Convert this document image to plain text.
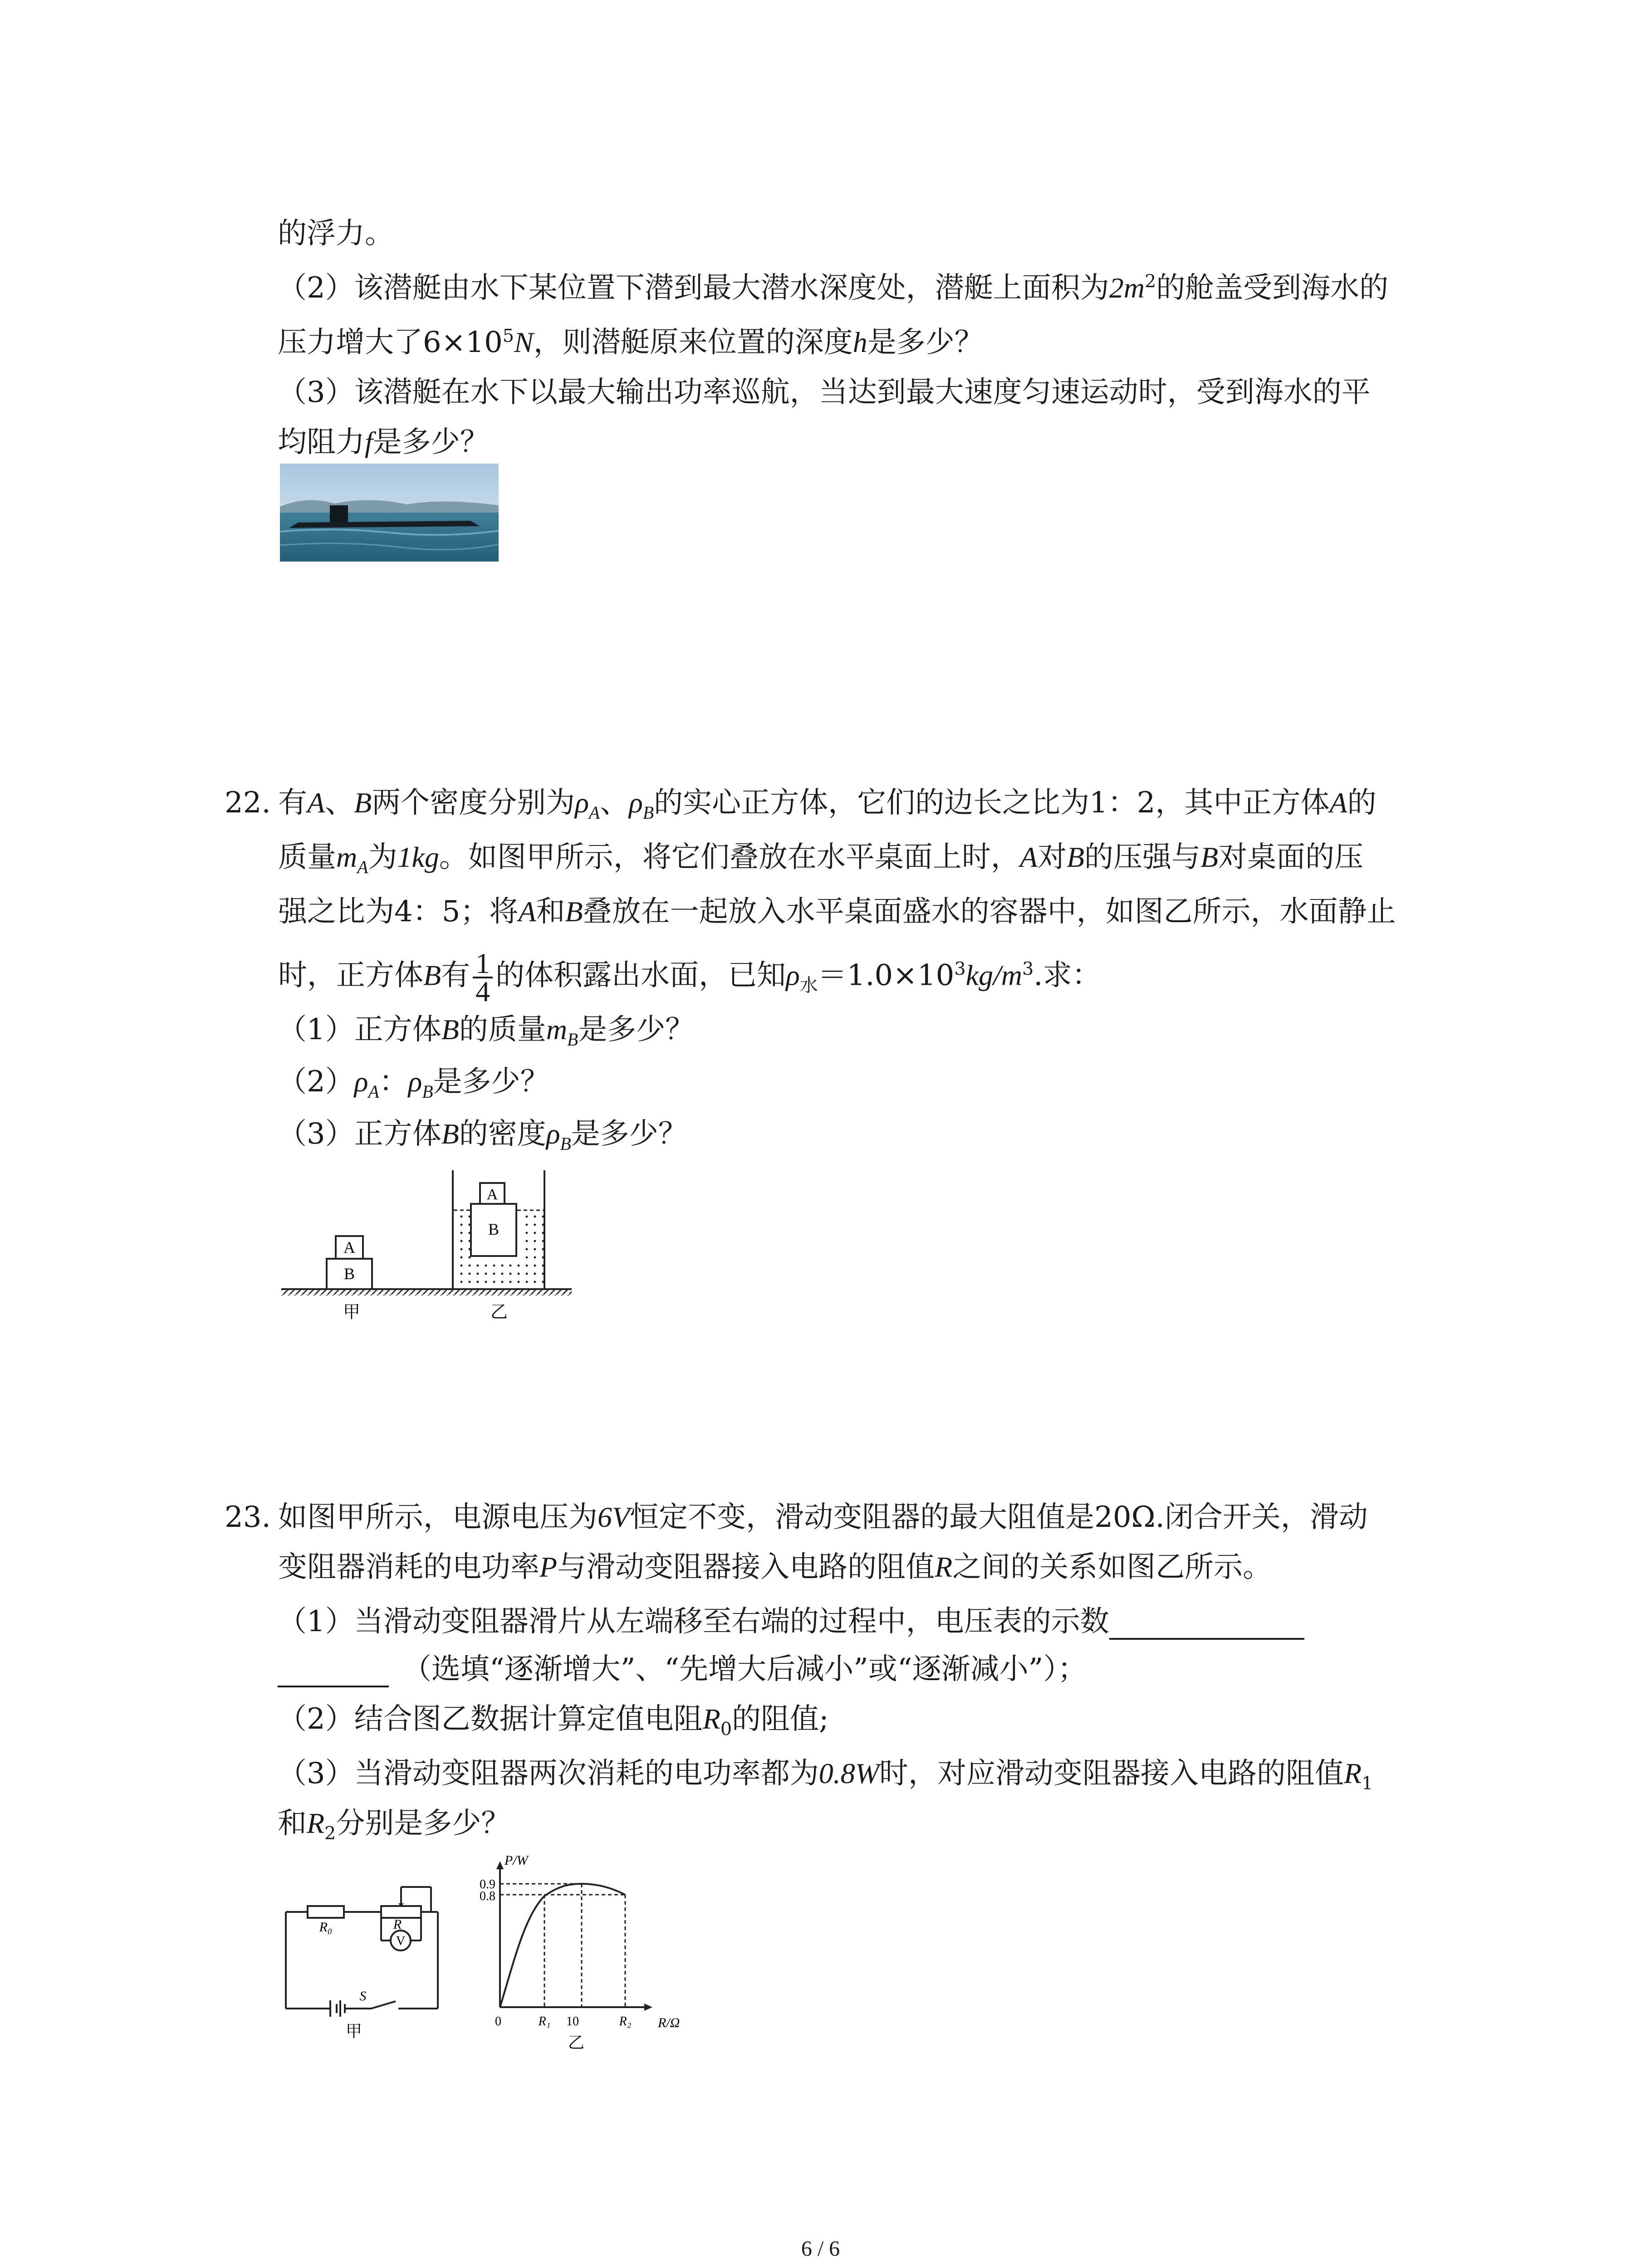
的浮力。
（2）该潜艇由水下某位置下潜到最大潜水深度处，潜艇上面积为$2m^2$的舱盖受到海水的
压力增大了$6\times 10^5N$，则潜艇原来位置的深度h是多少？
（3）该潜艇在水下以最大输出功率巡航，当达到最大速度匀速运动时，受到海水的平
均阻力f是多少？
22. 有A、B两个密度分别为$\rho_A$、$\rho_B$的实心正方体，它们的边长之比为1：2，其中正方体A的
质量$m_A$为1kg。如图甲所示，将它们叠放在水平桌面上时，A对B的压强与B对桌面的压
强之比为4：5；将A和B叠放在一起放入水平桌面盛水的容器中，如图乙所示，水面静止
时，正方体B有 $\frac{1}{4}$ 的体积露出水面，已知$\rho_水=1.0\times 10^3kg/m^3$.求：
（1）正方体B的质量$m_B$是多少？
$(2)\rho_A$：$\rho_B$是多少？
（3）正方体B的密度$\rho_B$是多少？
A
B
甲
A
B
乙
23. 如图甲所示，电源电压为6V恒定不变，滑动变阻器的最大阻值是20Ω.闭合开关，滑动
变阻器消耗的电功率P与滑动变阻器接入电路的阻值R之间的关系如图乙所示。
（1）当滑动变阻器滑片从左端移至右端的过程中，电压表的示数
（选填“逐渐增大”、“先增大后减小”或“逐渐减小”）；
（2）结合图乙数据计算定值电阻$R_0$的阻值;
（3）当滑动变阻器两次消耗的电功率都为0.8W时，对应滑动变阻器接入电路的阻值$R_1$
和$R_2$分别是多少？
R₀	R
V
S
甲
P/W
0.9
0.8
0	R₁ 10	R₂ R/Ω
乙
6 / 6
